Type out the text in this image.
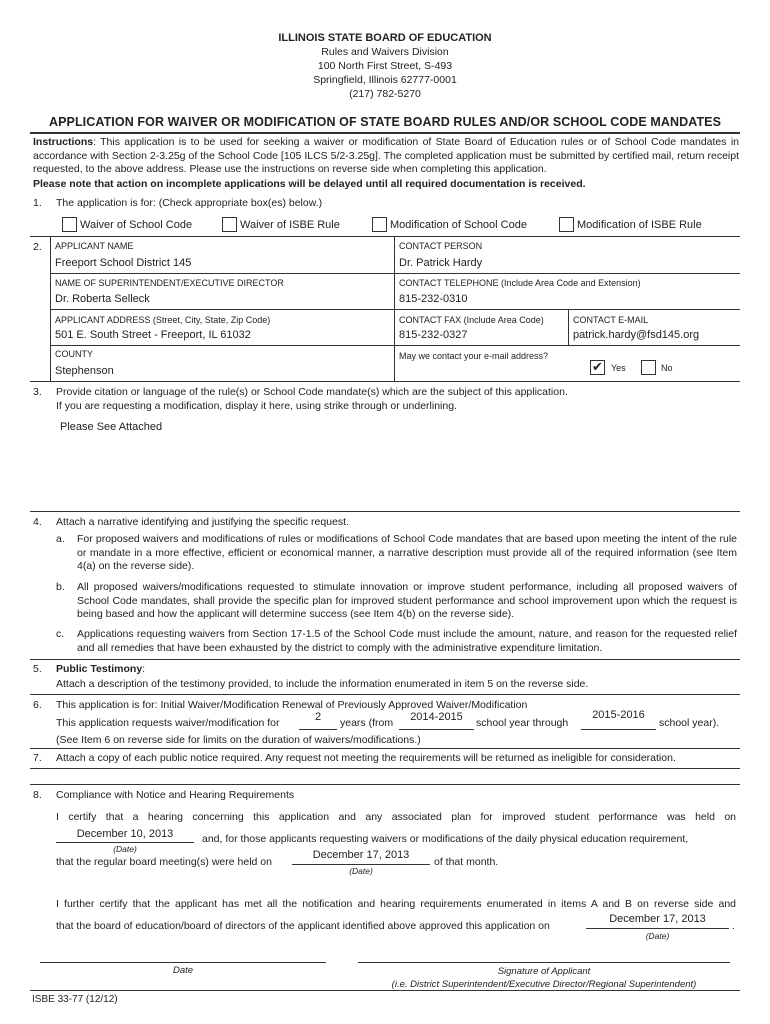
ILLINOIS STATE BOARD OF EDUCATION
Rules and Waivers Division
100 North First Street, S-493
Springfield, Illinois 62777-0001
(217) 782-5270
APPLICATION FOR WAIVER OR MODIFICATION OF STATE BOARD RULES AND/OR SCHOOL CODE MANDATES
Instructions: This application is to be used for seeking a waiver or modification of State Board of Education rules or of School Code mandates in accordance with Section 2-3.25g of the School Code [105 ILCS 5/2-3.25g]. The completed application must be submitted by certified mail, return receipt requested, to the above address. Please use the instructions on reverse side when completing this application.
Please note that action on incomplete applications will be delayed until all required documentation is received.
1. The application is for: (Check appropriate box(es) below.)
Waiver of School Code	Waiver of ISBE Rule	Modification of School Code	Modification of ISBE Rule
2. APPLICANT NAME
Freeport School District 145
CONTACT PERSON
Dr. Patrick Hardy
NAME OF SUPERINTENDENT/EXECUTIVE DIRECTOR
Dr. Roberta Selleck
CONTACT TELEPHONE (Include Area Code and Extension)
815-232-0310
APPLICANT ADDRESS (Street, City, State, Zip Code)
501 E. South Street - Freeport, IL 61032
CONTACT FAX (Include Area Code)
815-232-0327
CONTACT E-MAIL
patrick.hardy@fsd145.org
COUNTY
Stephenson
May we contact your e-mail address?
✔ Yes	No
3. Provide citation or language of the rule(s) or School Code mandate(s) which are the subject of this application.
If you are requesting a modification, display it here, using strike through or underlining.
Please See Attached
4. Attach a narrative identifying and justifying the specific request.
a. For proposed waivers and modifications of rules or modifications of School Code mandates that are based upon meeting the intent of the rule or mandate in a more effective, efficient or economical manner, a narrative description must provide all of the required information (see Item 4(a) on the reverse side).
b. All proposed waivers/modifications requested to stimulate innovation or improve student performance, including all proposed waivers of School Code mandates, shall provide the specific plan for improved student performance and school improvement upon which the request is being based and how the applicant will determine success (see Item 4(b) on the reverse side).
c. Applications requesting waivers from Section 17-1.5 of the School Code must include the amount, nature, and reason for the requested relief and all remedies that have been exhausted by the district to comply with the administrative expenditure limitation.
5. Public Testimony:
Attach a description of the testimony provided, to include the information enumerated in item 5 on the reverse side.
6. This application is for: Initial Waiver/Modification Renewal of Previously Approved Waiver/Modification
This application requests waiver/modification for	2	years (from	2014-2015	school year through
2015-2016
school year).
(See Item 6 on reverse side for limits on the duration of waivers/modifications.)
7. Attach a copy of each public notice required. Any request not meeting the requirements will be returned as ineligible for consideration.
8. Compliance with Notice and Hearing Requirements
I certify that a hearing concerning this application and any associated plan for improved student performance was held on
December 10, 2013
(Date)
and, for those applicants requesting waivers or modifications of the daily physical education requirement,
that the regular board meeting(s) were held on
December 17, 2013
(Date)
of that month.
I further certify that the applicant has met all the notification and hearing requirements enumerated in items A and B on reverse side and
that the board of education/board of directors of the applicant identified above approved this application on
December 17, 2013
.
(Date)
Date	Signature of Applicant
(i.e. District Superintendent/Executive Director/Regional Superintendent)
ISBE 33-77 (12/12)
